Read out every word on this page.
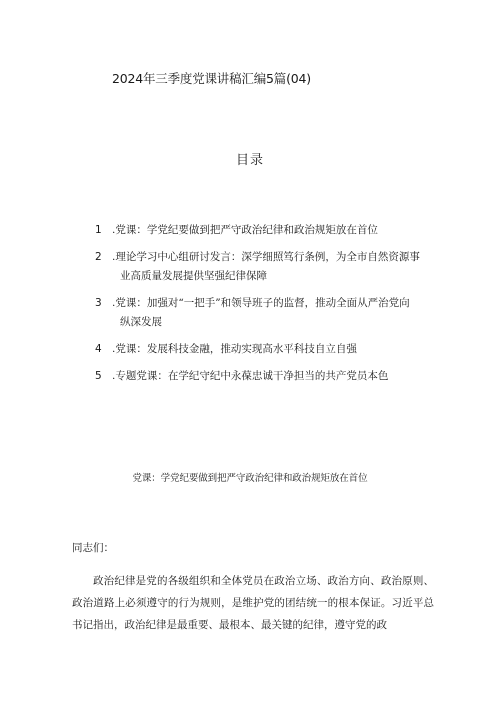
2024年三季度党课讲稿汇编5篇(04)
目录
1 .党课：学党纪要做到把严守政治纪律和政治规矩放在首位
2 .理论学习中心组研讨发言：深学细照笃行条例，为全市自然资源事
业高质量发展提供坚强纪律保障
3 .党课：加强对“一把手”和领导班子的监督，推动全面从严治党向
纵深发展
4 .党课：发展科技金融，推动实现高水平科技自立自强
5 .专题党课：在学纪守纪中永葆忠诚干净担当的共产党员本色
党课：学党纪要做到把严守政治纪律和政治规矩放在首位
同志们：

政治纪律是党的各级组织和全体党员在政治立场、政治方向、政治原则、政治道路上必须遵守的行为规则，是维护党的团结统一的根本保证。习近平总书记指出，政治纪律是最重要、最根本、最关键的纪律，遵守党的政
